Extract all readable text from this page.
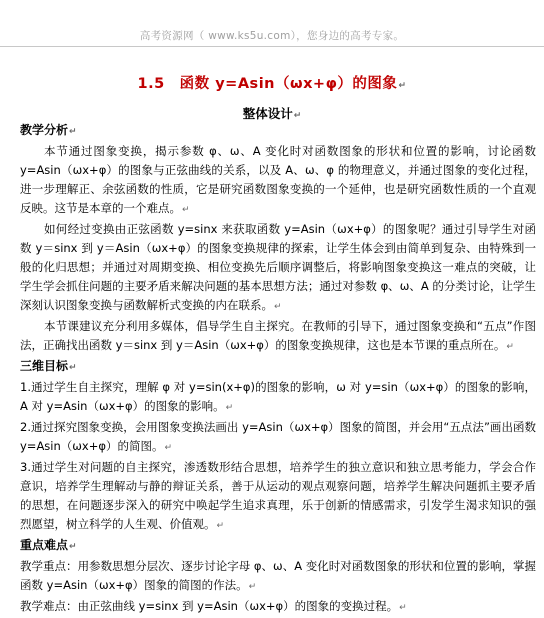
高考资源网（ www.ks5u.com），您身边的高考专家。
1.5　函数 y=Asin（ωx+φ）的图象↵
整体设计↵
教学分析↵
本节通过图象变换，揭示参数 φ、ω、A 变化时对函数图象的形状和位置的影响，讨论函数 y=Asin（ωx+φ）的图象与正弦曲线的关系，以及 A、ω、φ 的物理意义，并通过图象的变化过程，进一步理解正、余弦函数的性质，它是研究函数图象变换的一个延伸，也是研究函数性质的一个直观反映。这节是本章的一个难点。↵
如何经过变换由正弦函数 y=sinx 来获取函数 y=Asin（ωx+φ）的图象呢？通过引导学生对函数 y＝sinx 到 y＝Asin（ωx+φ）的图象变换规律的探索，让学生体会到由简单到复杂、由特殊到一般的化归思想；并通过对周期变换、相位变换先后顺序调整后，将影响图象变换这一难点的突破，让学生学会抓住问题的主要矛盾来解决问题的基本思想方法；通过对参数 φ、ω、A 的分类讨论，让学生深刻认识图象变换与函数解析式变换的内在联系。↵
本节课建议充分利用多媒体，倡导学生自主探究。在教师的引导下，通过图象变换和“五点”作图法，正确找出函数 y＝sinx 到 y＝Asin（ωx+φ）的图象变换规律，这也是本节课的重点所在。↵
三维目标↵
1.通过学生自主探究，理解 φ 对 y=sin(x+φ)的图象的影响，ω 对 y=sin（ωx+φ）的图象的影响，A 对 y=Asin（ωx+φ）的图象的影响。↵
2.通过探究图象变换，会用图象变换法画出 y=Asin（ωx+φ）图象的简图，并会用“五点法”画出函数 y=Asin（ωx+φ）的简图。↵
3.通过学生对问题的自主探究，渗透数形结合思想，培养学生的独立意识和独立思考能力，学会合作意识，培养学生理解动与静的辩证关系，善于从运动的观点观察问题，培养学生解决问题抓主要矛盾的思想，在问题逐步深入的研究中唤起学生追求真理，乐于创新的情感需求，引发学生渴求知识的强烈愿望，树立科学的人生观、价值观。↵
重点难点↵
教学重点：用参数思想分层次、逐步讨论字母 φ、ω、A 变化时对函数图象的形状和位置的影响，掌握函数 y=Asin（ωx+φ）图象的简图的作法。↵
教学难点：由正弦曲线 y=sinx 到 y=Asin（ωx+φ）的图象的变换过程。↵
